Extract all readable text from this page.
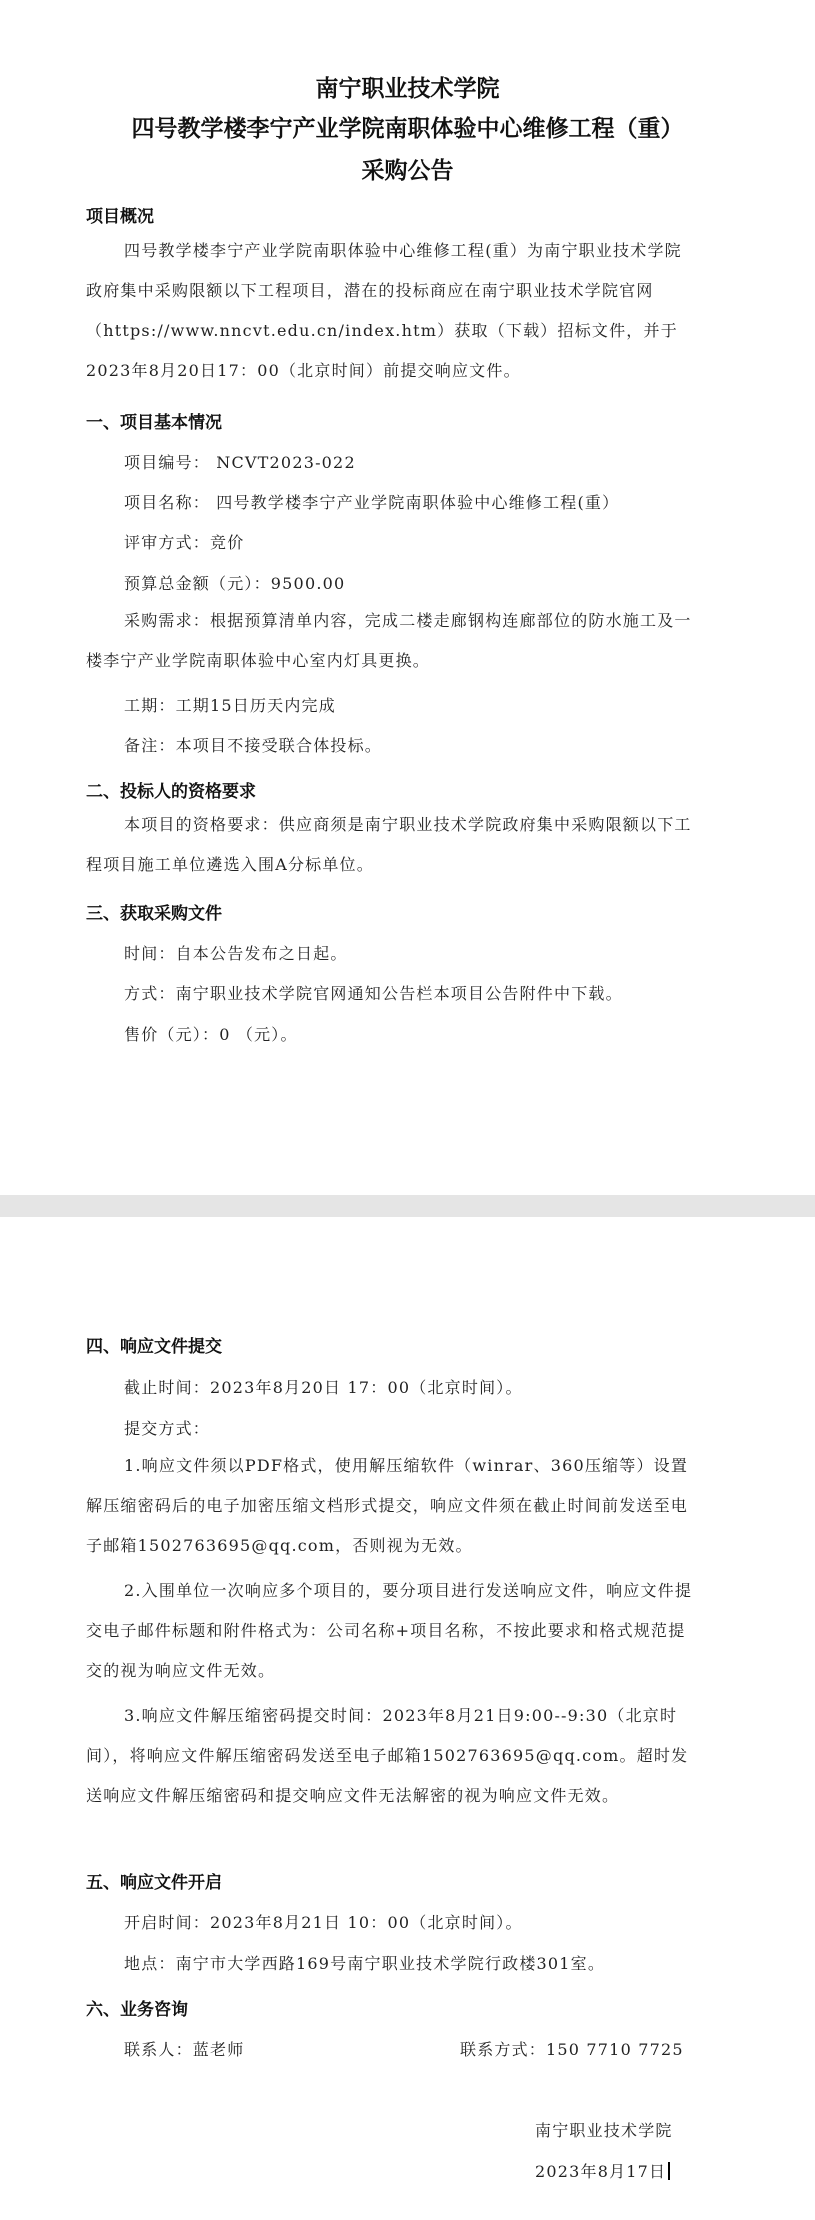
南宁职业技术学院
四号教学楼李宁产业学院南职体验中心维修工程（重）
采购公告
项目概况
四号教学楼李宁产业学院南职体验中心维修工程(重）为南宁职业技术学院政府集中采购限额以下工程项目，潜在的投标商应在南宁职业技术学院官网（https://www.nncvt.edu.cn/index.htm）获取（下载）招标文件，并于2023年8月20日17：00（北京时间）前提交响应文件。
一、项目基本情况
项目编号： NCVT2023-022
项目名称： 四号教学楼李宁产业学院南职体验中心维修工程(重）
评审方式：竞价
预算总金额（元）：9500.00
采购需求：根据预算清单内容，完成二楼走廊钢构连廊部位的防水施工及一楼李宁产业学院南职体验中心室内灯具更换。
工期：工期15日历天内完成
备注：本项目不接受联合体投标。
二、投标人的资格要求
本项目的资格要求：供应商须是南宁职业技术学院政府集中采购限额以下工程项目施工单位遴选入围A分标单位。
三、获取采购文件
时间：自本公告发布之日起。
方式：南宁职业技术学院官网通知公告栏本项目公告附件中下载。
售价（元）：0 （元）。
四、响应文件提交
截止时间：2023年8月20日 17：00（北京时间）。
提交方式：
1.响应文件须以PDF格式，使用解压缩软件（winrar、360压缩等）设置解压缩密码后的电子加密压缩文档形式提交，响应文件须在截止时间前发送至电子邮箱1502763695@qq.com，否则视为无效。
2.入围单位一次响应多个项目的，要分项目进行发送响应文件，响应文件提交电子邮件标题和附件格式为：公司名称+项目名称，不按此要求和格式规范提交的视为响应文件无效。
3.响应文件解压缩密码提交时间：2023年8月21日9:00--9:30（北京时间），将响应文件解压缩密码发送至电子邮箱1502763695@qq.com。超时发送响应文件解压缩密码和提交响应文件无法解密的视为响应文件无效。
五、响应文件开启
开启时间：2023年8月21日 10：00（北京时间）。
地点：南宁市大学西路169号南宁职业技术学院行政楼301室。
六、业务咨询
联系人：蓝老师	联系方式：150 7710 7725
南宁职业技术学院
2023年8月17日
